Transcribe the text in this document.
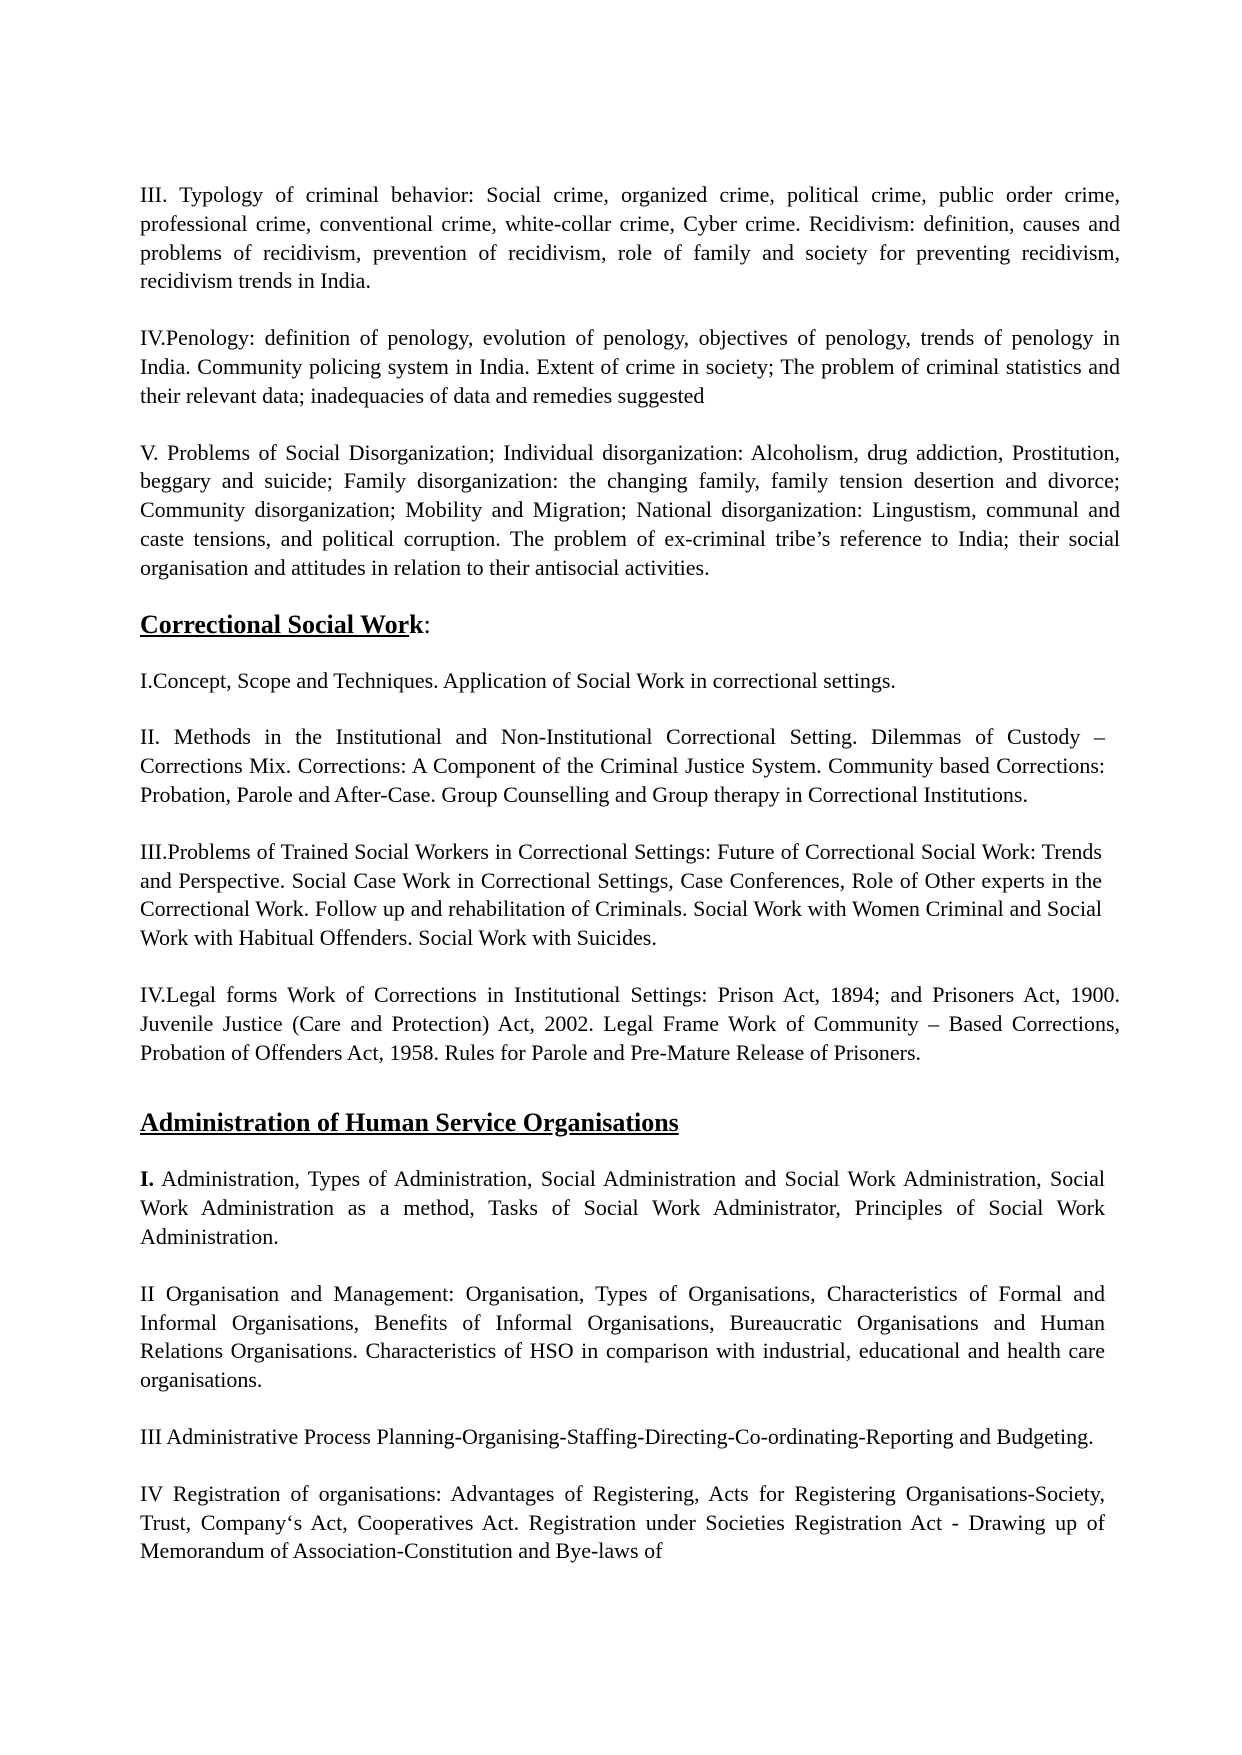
III. Typology of criminal behavior: Social crime, organized crime, political crime, public order crime, professional crime, conventional crime, white-collar crime, Cyber crime. Recidivism: definition, causes and problems of recidivism, prevention of recidivism, role of family and society for preventing recidivism, recidivism trends in India.

IV.Penology: definition of penology, evolution of penology, objectives of penology, trends of penology in India. Community policing system in India. Extent of crime in society; The problem of criminal statistics and their relevant data; inadequacies of data and remedies suggested

V. Problems of Social Disorganization; Individual disorganization: Alcoholism, drug addiction, Prostitution, beggary and suicide; Family disorganization: the changing family, family tension desertion and divorce; Community disorganization; Mobility and Migration; National disorganization: Lingustism, communal and caste tensions, and political corruption. The problem of ex-criminal tribe’s reference to India; their social organisation and attitudes in relation to their antisocial activities.

Correctional Social Work:

I.Concept, Scope and Techniques. Application of Social Work in correctional settings.

II. Methods in the Institutional and Non-Institutional Correctional Setting. Dilemmas of Custody – Corrections Mix. Corrections: A Component of the Criminal Justice System. Community based Corrections: Probation, Parole and After-Case. Group Counselling and Group therapy in Correctional Institutions.

III.Problems of Trained Social Workers in Correctional Settings: Future of Correctional Social Work: Trends and Perspective. Social Case Work in Correctional Settings, Case Conferences, Role of Other experts in the Correctional Work. Follow up and rehabilitation of Criminals. Social Work with Women Criminal and Social Work with Habitual Offenders. Social Work with Suicides.

IV.Legal forms Work of Corrections in Institutional Settings: Prison Act, 1894; and Prisoners Act, 1900. Juvenile Justice (Care and Protection) Act, 2002. Legal Frame Work of Community – Based Corrections, Probation of Offenders Act, 1958. Rules for Parole and Pre-Mature Release of Prisoners.

Administration of Human Service Organisations

I. Administration, Types of Administration, Social Administration and Social Work Administration, Social Work Administration as a method, Tasks of Social Work Administrator, Principles of Social Work Administration.

II Organisation and Management: Organisation, Types of Organisations, Characteristics of Formal and Informal Organisations, Benefits of Informal Organisations, Bureaucratic Organisations and Human Relations Organisations. Characteristics of HSO in comparison with industrial, educational and health care organisations.

III Administrative Process Planning-Organising-Staffing-Directing-Co-ordinating-Reporting and Budgeting.

IV Registration of organisations: Advantages of Registering, Acts for Registering Organisations-Society, Trust, Company‘s Act, Cooperatives Act. Registration under Societies Registration Act - Drawing up of Memorandum of Association-Constitution and Bye-laws of
